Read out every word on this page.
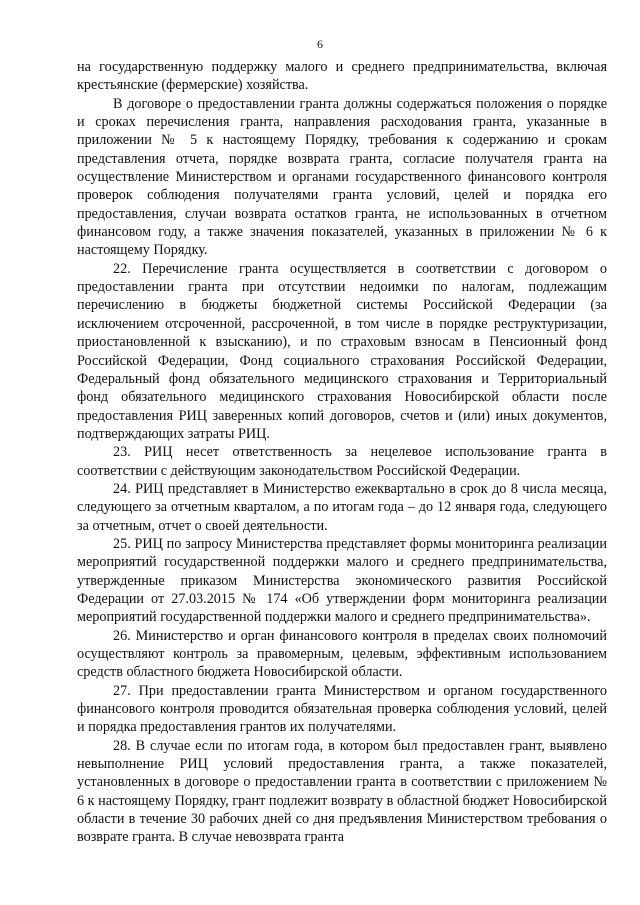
6

на государственную поддержку малого и среднего предпринимательства, включая крестьянские (фермерские) хозяйства.

В договоре о предоставлении гранта должны содержаться положения о порядке и сроках перечисления гранта, направления расходования гранта, указанные в приложении № 5 к настоящему Порядку, требования к содержанию и срокам представления отчета, порядке возврата гранта, согласие получателя гранта на осуществление Министерством и органами государственного финансового контроля проверок соблюдения получателями гранта условий, целей и порядка его предоставления, случаи возврата остатков гранта, не использованных в отчетном финансовом году, а также значения показателей, указанных в приложении № 6 к настоящему Порядку.

22. Перечисление гранта осуществляется в соответствии с договором о предоставлении гранта при отсутствии недоимки по налогам, подлежащим перечислению в бюджеты бюджетной системы Российской Федерации (за исключением отсроченной, рассроченной, в том числе в порядке реструктуризации, приостановленной к взысканию), и по страховым взносам в Пенсионный фонд Российской Федерации, Фонд социального страхования Российской Федерации, Федеральный фонд обязательного медицинского страхования и Территориальный фонд обязательного медицинского страхования Новосибирской области после предоставления РИЦ заверенных копий договоров, счетов и (или) иных документов, подтверждающих затраты РИЦ.

23. РИЦ несет ответственность за нецелевое использование гранта в соответствии с действующим законодательством Российской Федерации.

24. РИЦ представляет в Министерство ежеквартально в срок до 8 числа месяца, следующего за отчетным кварталом, а по итогам года – до 12 января года, следующего за отчетным, отчет о своей деятельности.

25. РИЦ по запросу Министерства представляет формы мониторинга реализации мероприятий государственной поддержки малого и среднего предпринимательства, утвержденные приказом Министерства экономического развития Российской Федерации от 27.03.2015 № 174 «Об утверждении форм мониторинга реализации мероприятий государственной поддержки малого и среднего предпринимательства».

26. Министерство и орган финансового контроля в пределах своих полномочий осуществляют контроль за правомерным, целевым, эффективным использованием средств областного бюджета Новосибирской области.

27. При предоставлении гранта Министерством и органом государственного финансового контроля проводится обязательная проверка соблюдения условий, целей и порядка предоставления грантов их получателями.

28. В случае если по итогам года, в котором был предоставлен грант, выявлено невыполнение РИЦ условий предоставления гранта, а также показателей, установленных в договоре о предоставлении гранта в соответствии с приложением № 6 к настоящему Порядку, грант подлежит возврату в областной бюджет Новосибирской области в течение 30 рабочих дней со дня предъявления Министерством требования о возврате гранта. В случае невозврата гранта
